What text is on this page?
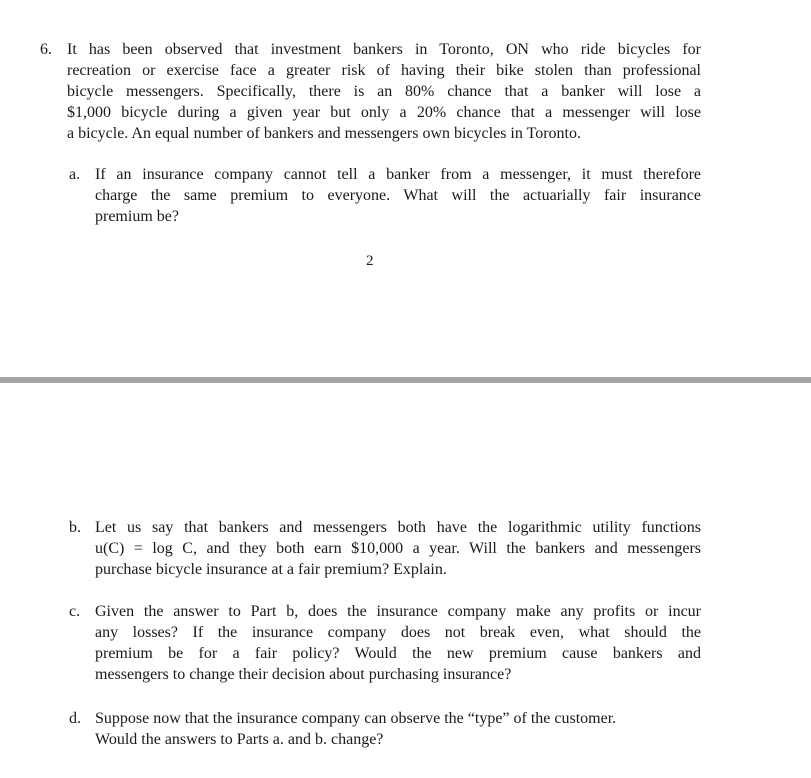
6. It has been observed that investment bankers in Toronto, ON who ride bicycles for
recreation or exercise face a greater risk of having their bike stolen than professional
bicycle messengers. Specifically, there is an 80% chance that a banker will lose a
$1,000 bicycle during a given year but only a 20% chance that a messenger will lose
a bicycle. An equal number of bankers and messengers own bicycles in Toronto.
a. If an insurance company cannot tell a banker from a messenger, it must therefore
charge the same premium to everyone. What will the actuarially fair insurance
premium be?
2
b. Let us say that bankers and messengers both have the logarithmic utility functions
u(C) = log C, and they both earn $10,000 a year. Will the bankers and messengers
purchase bicycle insurance at a fair premium? Explain.
c. Given the answer to Part b, does the insurance company make any profits or incur
any losses? If the insurance company does not break even, what should the
premium be for a fair policy? Would the new premium cause bankers and
messengers to change their decision about purchasing insurance?
d. Suppose now that the insurance company can observe the “type” of the customer.
Would the answers to Parts a. and b. change?
